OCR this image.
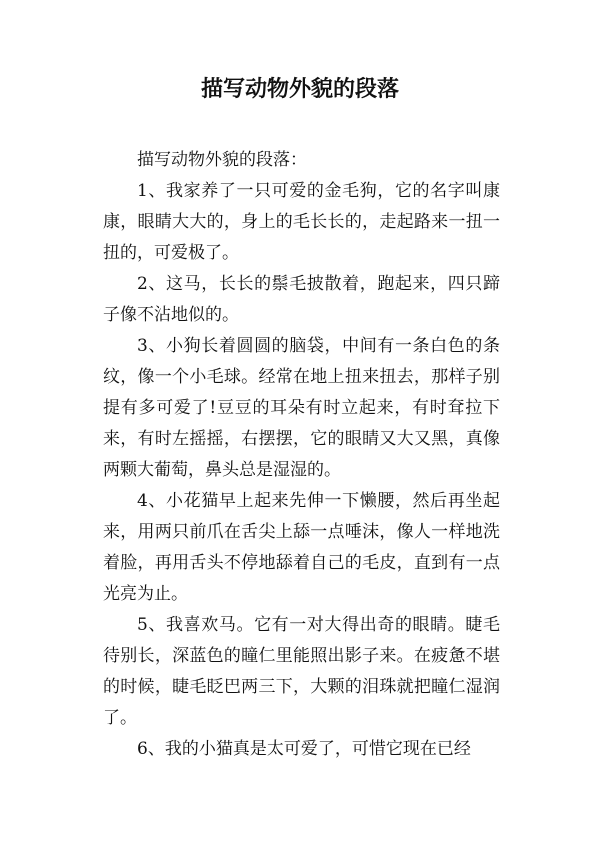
描写动物外貌的段落

描写动物外貌的段落：

1、我家养了一只可爱的金毛狗，它的名字叫康康，眼睛大大的，身上的毛长长的，走起路来一扭一扭的，可爱极了。

2、这马，长长的鬃毛披散着，跑起来，四只蹄子像不沾地似的。

3、小狗长着圆圆的脑袋，中间有一条白色的条纹，像一个小毛球。经常在地上扭来扭去，那样子别提有多可爱了!豆豆的耳朵有时立起来，有时耷拉下来，有时左摇摇，右摆摆，它的眼睛又大又黑，真像两颗大葡萄，鼻头总是湿湿的。

4、小花猫早上起来先伸一下懒腰，然后再坐起来，用两只前爪在舌尖上舔一点唾沫，像人一样地洗着脸，再用舌头不停地舔着自己的毛皮，直到有一点光亮为止。

5、我喜欢马。它有一对大得出奇的眼睛。睫毛待别长，深蓝色的瞳仁里能照出影子来。在疲惫不堪的时候，睫毛眨巴两三下，大颗的泪珠就把瞳仁湿润了。

6、我的小猫真是太可爱了，可惜它现在已经
